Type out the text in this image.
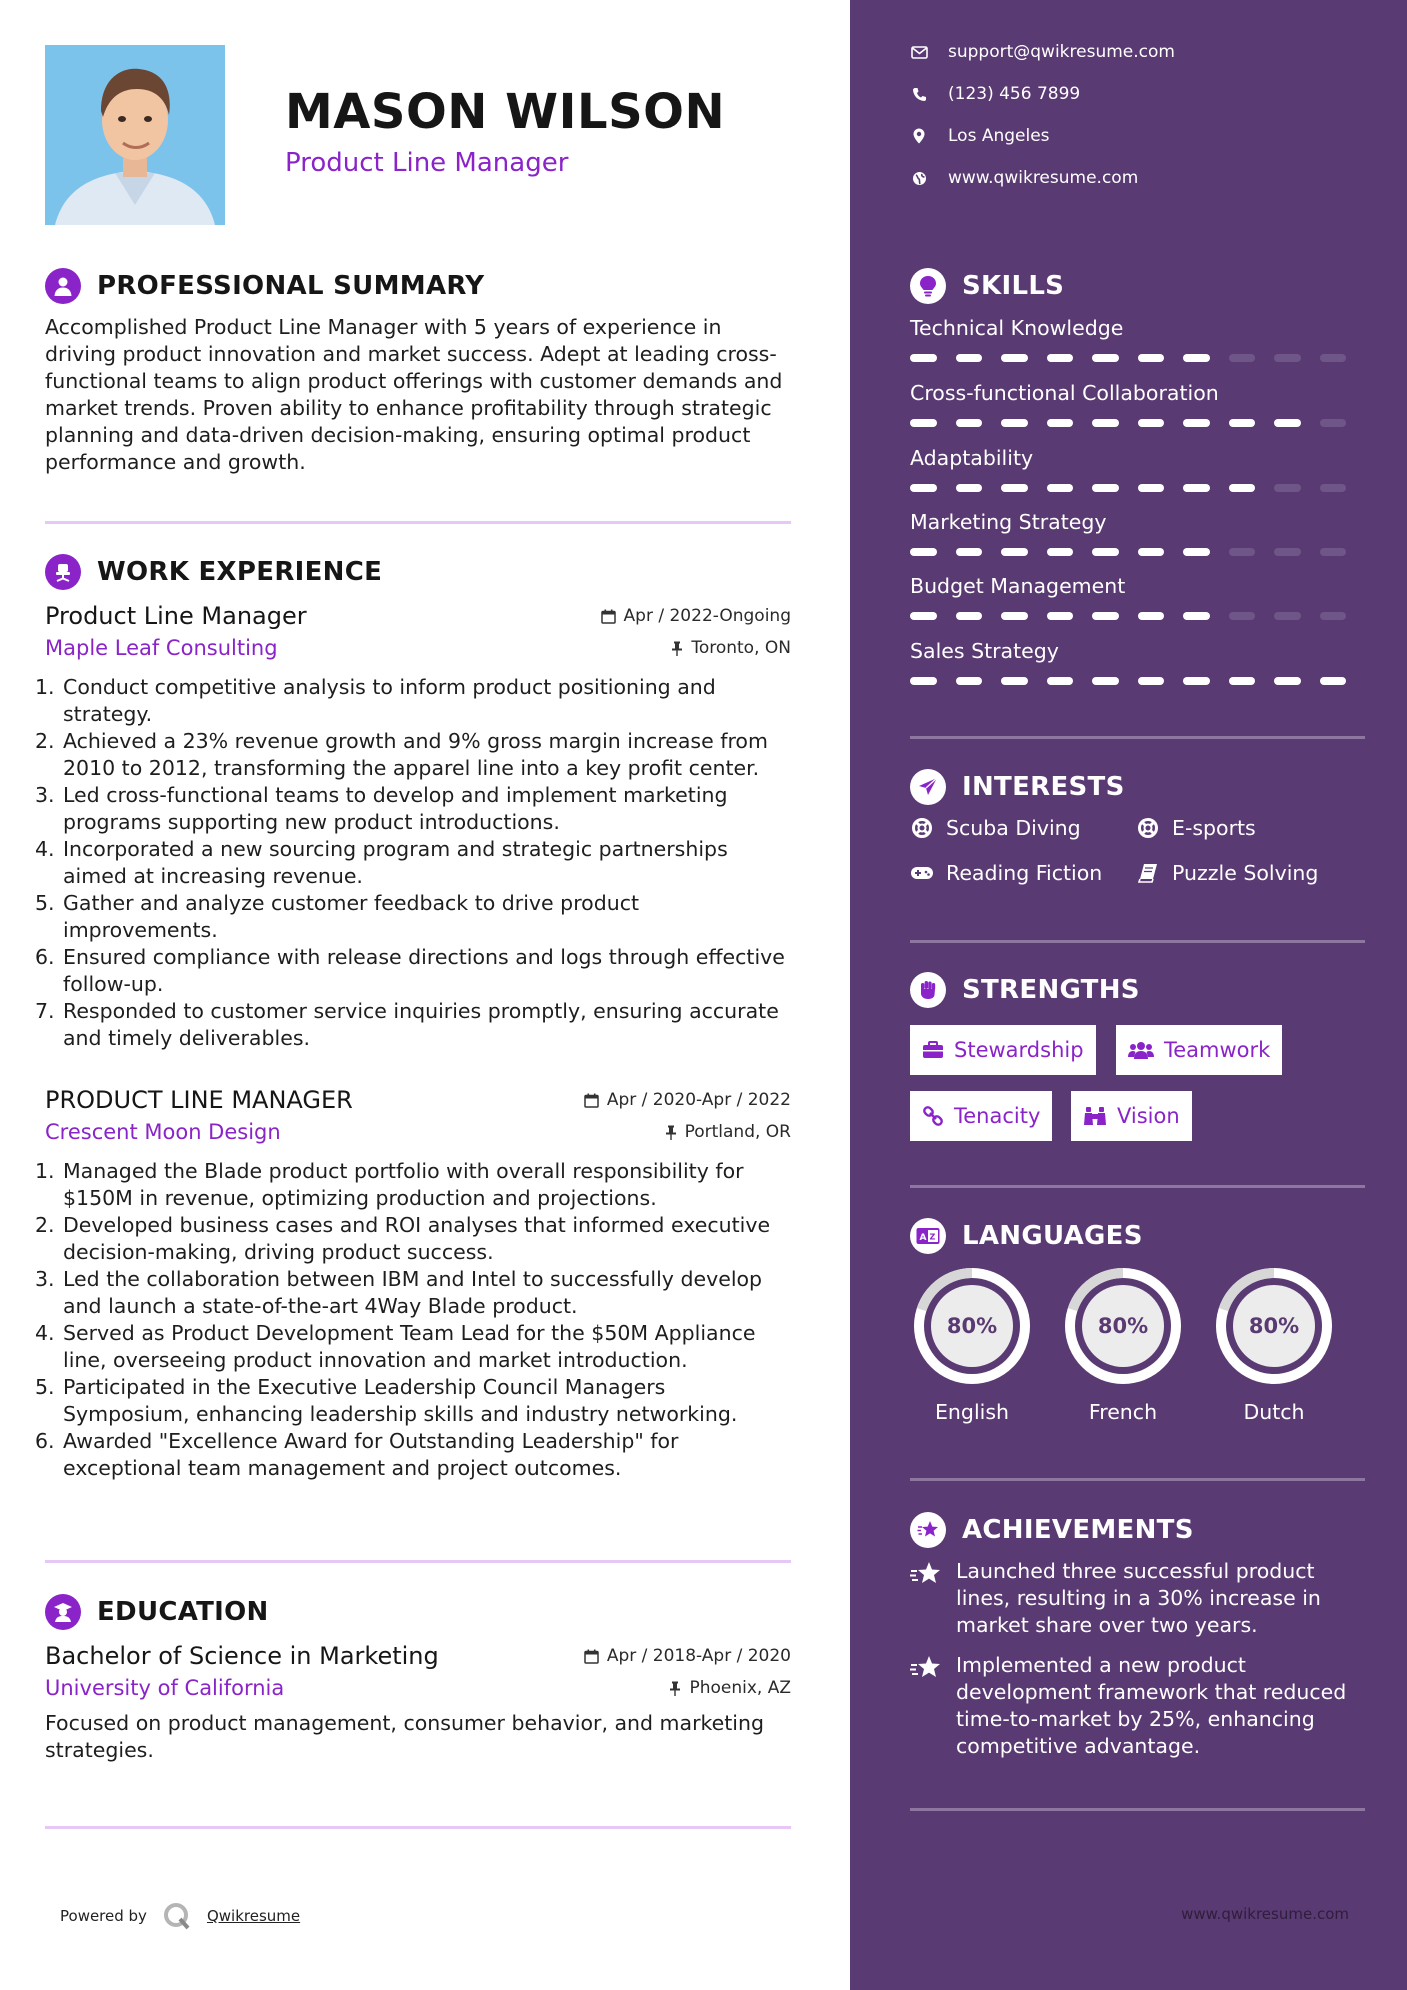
MASON WILSON
Product Line Manager
PROFESSIONAL SUMMARY

Accomplished Product Line Manager with 5 years of experience in driving product innovation and market success. Adept at leading cross-functional teams to align product offerings with customer demands and market trends. Proven ability to enhance profitability through strategic planning and data-driven decision-making, ensuring optimal product performance and growth.

WORK EXPERIENCE
Product Line Manager	Apr / 2022-Ongoing
Maple Leaf Consulting	Toronto, ON
1. Conduct competitive analysis to inform product positioning and strategy.
2. Achieved a 23% revenue growth and 9% gross margin increase from 2010 to 2012, transforming the apparel line into a key profit center.
3. Led cross-functional teams to develop and implement marketing programs supporting new product introductions.
4. Incorporated a new sourcing program and strategic partnerships aimed at increasing revenue.
5. Gather and analyze customer feedback to drive product improvements.
6. Ensured compliance with release directions and logs through effective follow-up.
7. Responded to customer service inquiries promptly, ensuring accurate and timely deliverables.
PRODUCT LINE MANAGER	Apr / 2020-Apr / 2022
Crescent Moon Design	Portland, OR
1. Managed the Blade product portfolio with overall responsibility for $150M in revenue, optimizing production and projections.
2. Developed business cases and ROI analyses that informed executive decision-making, driving product success.
3. Led the collaboration between IBM and Intel to successfully develop and launch a state-of-the-art 4Way Blade product.
4. Served as Product Development Team Lead for the $50M Appliance line, overseeing product innovation and market introduction.
5. Participated in the Executive Leadership Council Managers Symposium, enhancing leadership skills and industry networking.
6. Awarded "Excellence Award for Outstanding Leadership" for exceptional team management and project outcomes.
EDUCATION
Bachelor of Science in Marketing	Apr / 2018-Apr / 2020
University of California	Phoenix, AZ

Focused on product management, consumer behavior, and marketing strategies.

Powered by	Qwikresume
support@qwikresume.com
(123) 456 7899
Los Angeles
www.qwikresume.com
SKILLS
Technical Knowledge
Cross-functional Collaboration
Adaptability
Marketing Strategy
Budget Management
Sales Strategy
INTERESTS
Scuba Diving	E-sports
Reading Fiction	Puzzle Solving
STRENGTHS
Stewardship	Teamwork
Tenacity	Vision
A Z LANGUAGES
80%
English
80%
French
80%
Dutch
ACHIEVEMENTS
Launched three successful product lines, resulting in a 30% increase in market share over two years.
Implemented a new product development framework that reduced time-to-market by 25%, enhancing competitive advantage.
www.qwikresume.com
